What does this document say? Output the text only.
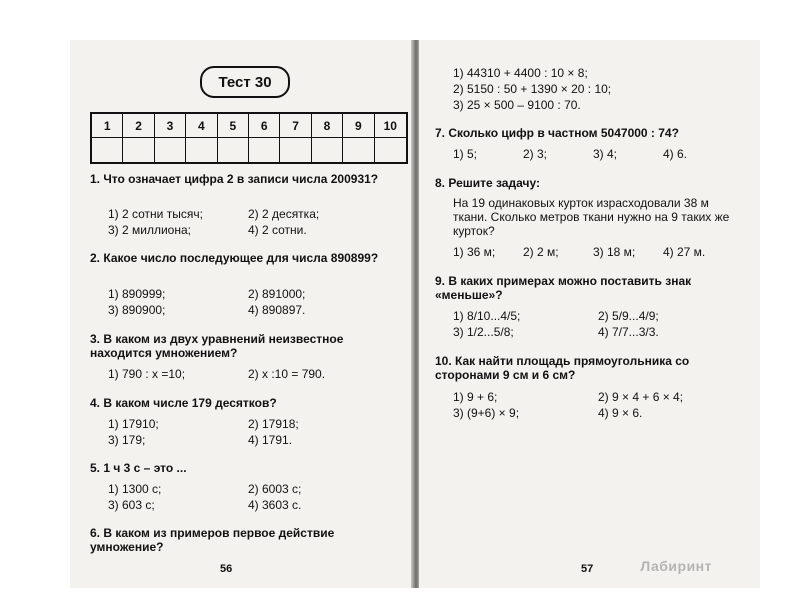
Тест 30
1	2	3	4	5	6	7	8	9	10
1. Что означает цифра 2 в записи числа 200931?
1) 2 сотни тысяч;	2) 2 десятка;
3) 2 миллиона;	4) 2 сотни.
2. Какое число последующее для числа 890899?
1) 890999;	2) 891000;
3) 890900;	4) 890897.
3. В каком из двух уравнений неизвестное находится умножением?
1) 790 : x =10;	2) x :10 = 790.
4. В каком числе 179 десятков?
1) 17910;	2) 17918;
3) 179;	4) 1791.
5. 1 ч 3 с – это ...
1) 1300 с;	2) 6003 с;
3) 603 с;	4) 3603 с.
6. В каком из примеров первое действие умножение?
56
1) 44310 + 4400 : 10 × 8;
2) 5150 : 50 + 1390 × 20 : 10;
3) 25 × 500 – 9100 : 70.
7. Сколько цифр в частном 5047000 : 74?
1) 5;	2) 3;	3) 4;	4) 6.
8. Решите задачу:
На 19 одинаковых курток израсходовали 38 м ткани. Сколько метров ткани нужно на 9 таких же курток?
1) 36 м;	2) 2 м;	3) 18 м;	4) 27 м.
9. В каких примерах можно поставить знак «меньше»?
1) 8/10...4/5;	2) 5/9...4/9;
3) 1/2...5/8;	4) 7/7...3/3.
10. Как найти площадь прямоугольника со сторонами 9 см и 6 см?
1) 9 + 6;	2) 9 × 4 + 6 × 4;
3) (9+6) × 9;	4) 9 × 6.
57	Лабиринт
